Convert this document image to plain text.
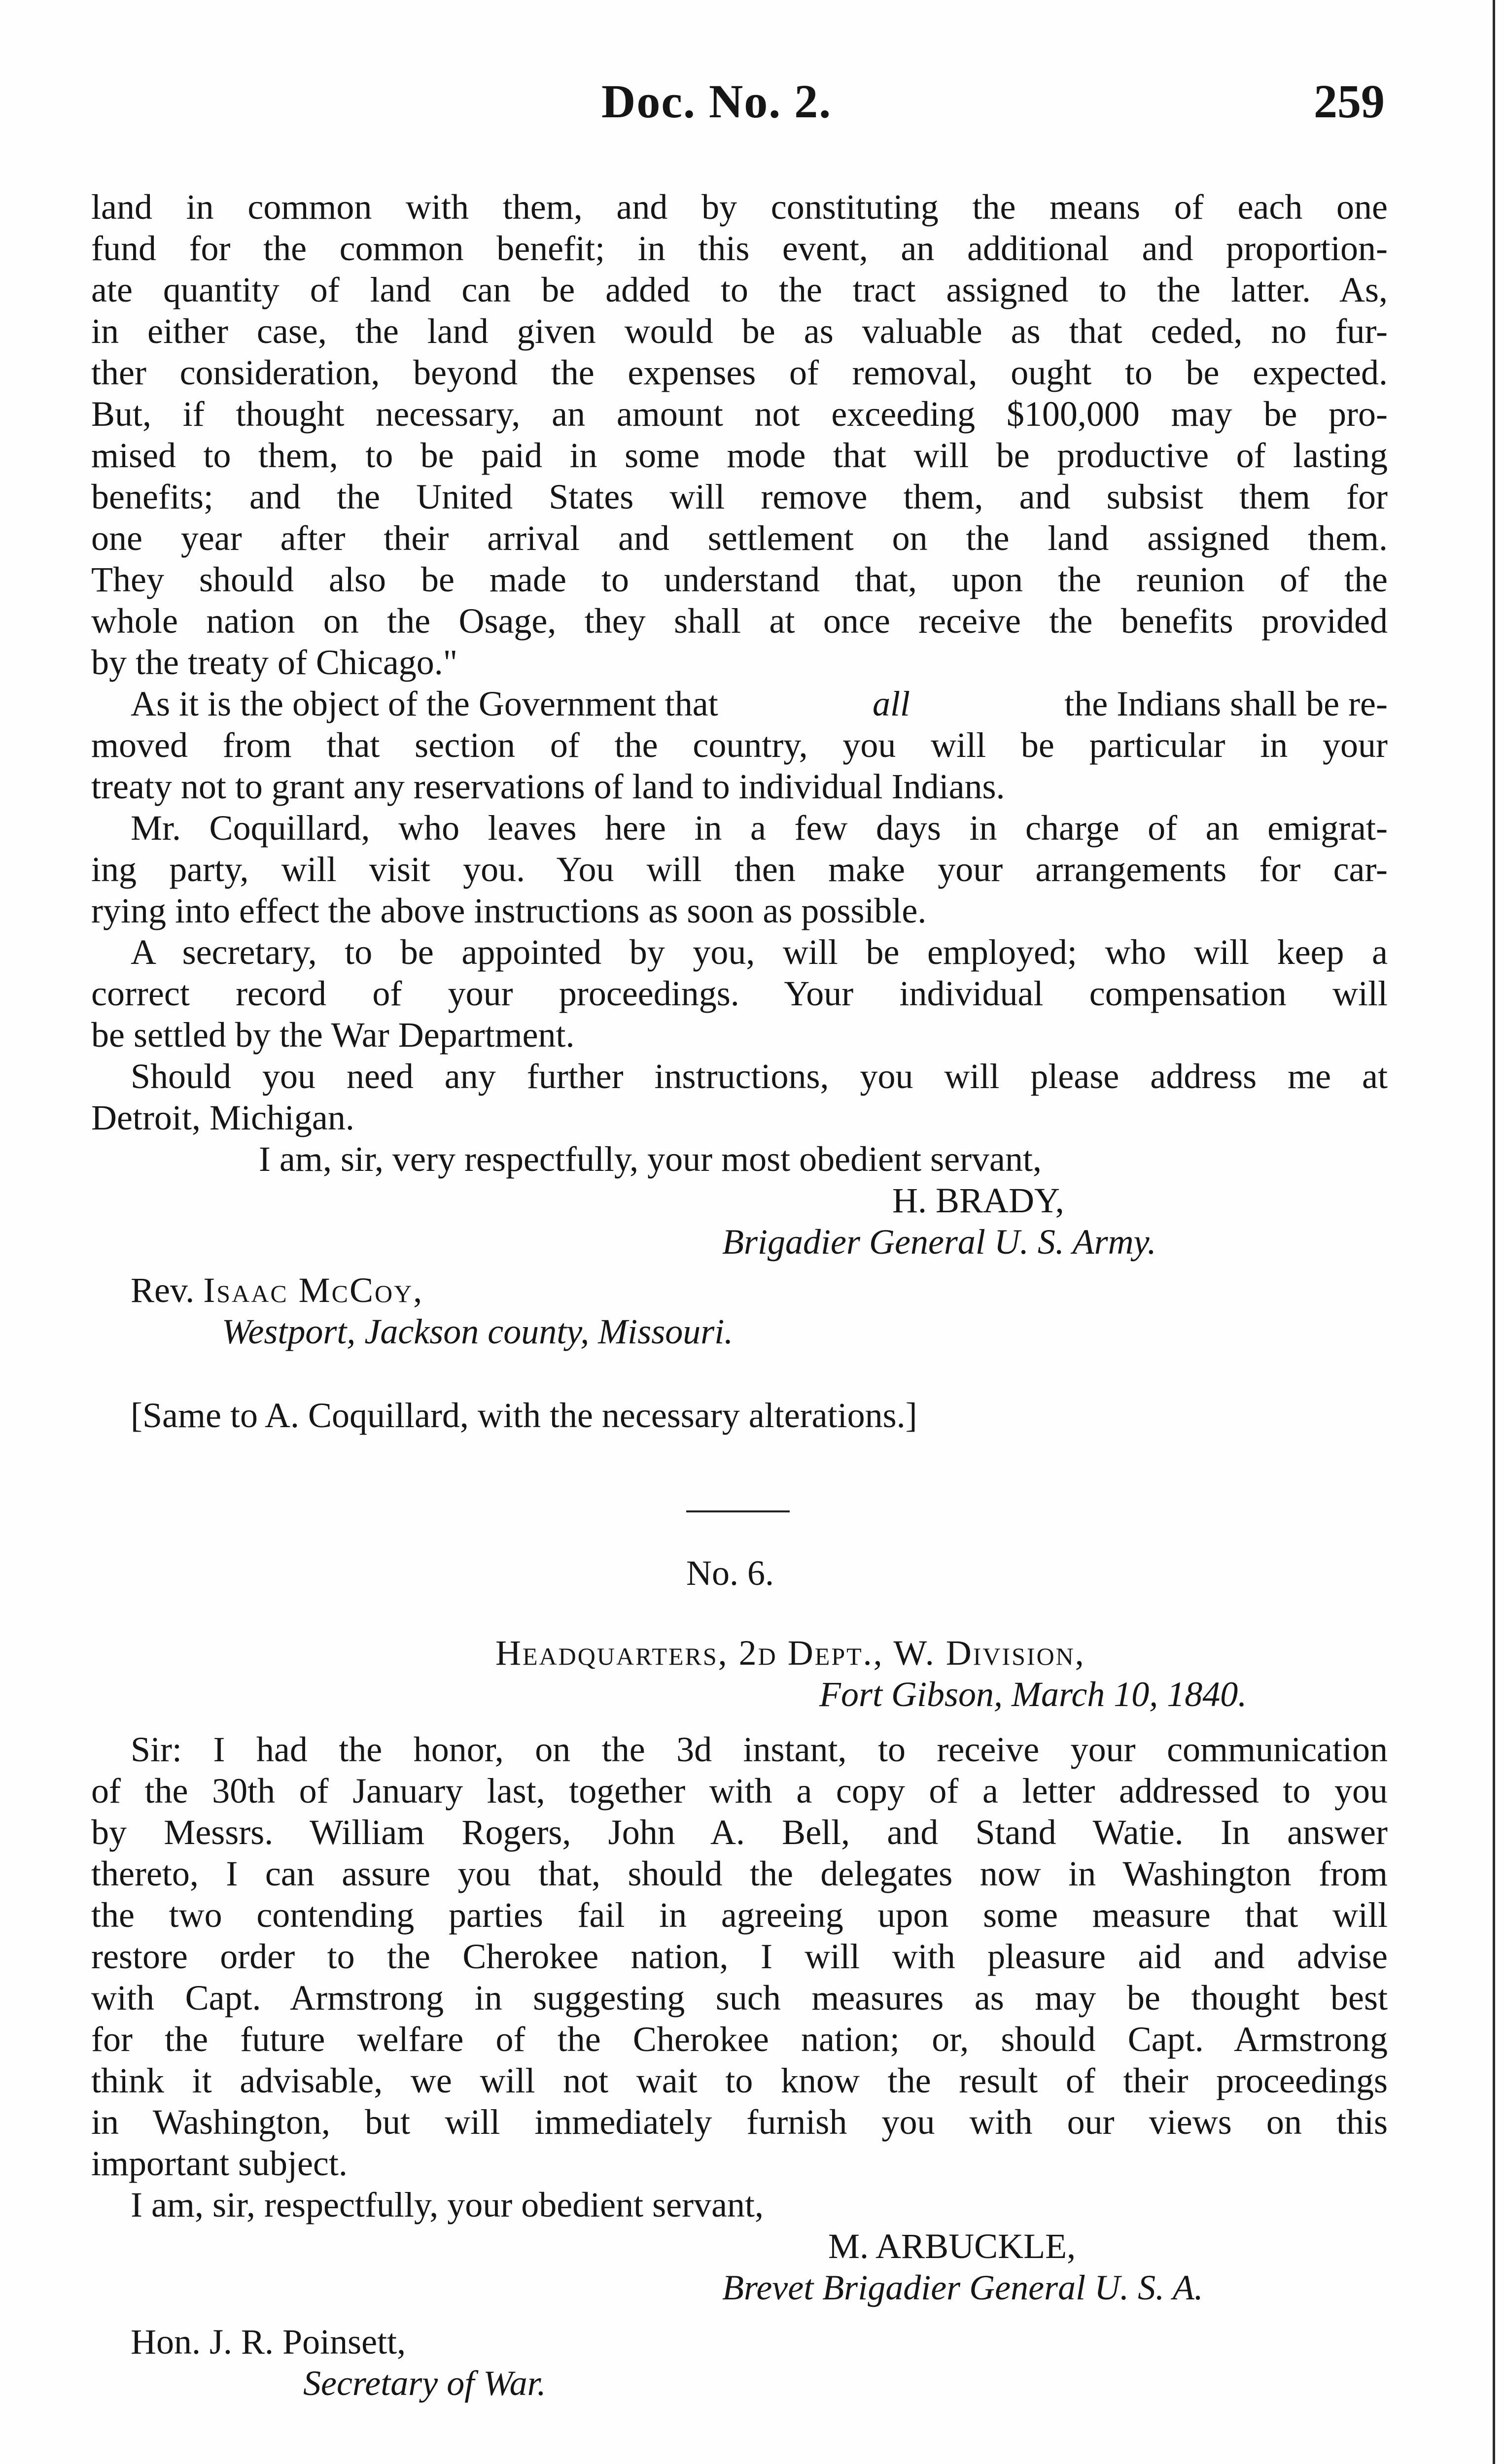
Doc. No. 2.	259
land in common with them, and by constituting the means of each one
fund for the common benefit; in this event, an additional and proportion-
ate quantity of land can be added to the tract assigned to the latter. As,
in either case, the land given would be as valuable as that ceded, no fur-
ther consideration, beyond the expenses of removal, ought to be expected.
But, if thought necessary, an amount not exceeding $100,000 may be pro-
mised to them, to be paid in some mode that will be productive of lasting
benefits; and the United States will remove them, and subsist them for
one year after their arrival and settlement on the land assigned them.
They should also be made to understand that, upon the reunion of the
whole nation on the Osage, they shall at once receive the benefits provided
by the treaty of Chicago."
As it is the object of the Government that	all	the Indians shall be re-
moved from that section of the country, you will be particular in your
treaty not to grant any reservations of land to individual Indians.
Mr. Coquillard, who leaves here in a few days in charge of an emigrat-
ing party, will visit you. You will then make your arrangements for car-
rying into effect the above instructions as soon as possible.
A secretary, to be appointed by you, will be employed; who will keep a
correct record of your proceedings. Your individual compensation will
be settled by the War Department.
Should you need any further instructions, you will please address me at
Detroit, Michigan.
I am, sir, very respectfully, your most obedient servant,
H. BRADY,
Brigadier General U. S. Army.
Rev. Isaac McCoy,
Westport, Jackson county, Missouri.
[Same to A. Coquillard, with the necessary alterations.]
No. 6.
Headquarters, 2d Dept., W. Division,
Fort Gibson, March 10, 1840.
Sir: I had the honor, on the 3d instant, to receive your communication
of the 30th of January last, together with a copy of a letter addressed to you
by Messrs. William Rogers, John A. Bell, and Stand Watie. In answer
thereto, I can assure you that, should the delegates now in Washington from
the two contending parties fail in agreeing upon some measure that will
restore order to the Cherokee nation, I will with pleasure aid and advise
with Capt. Armstrong in suggesting such measures as may be thought best
for the future welfare of the Cherokee nation; or, should Capt. Armstrong
think it advisable, we will not wait to know the result of their proceedings
in Washington, but will immediately furnish you with our views on this
important subject.
I am, sir, respectfully, your obedient servant,
M. ARBUCKLE,
Brevet Brigadier General U. S. A.
Hon. J. R. Poinsett,
Secretary of War.
